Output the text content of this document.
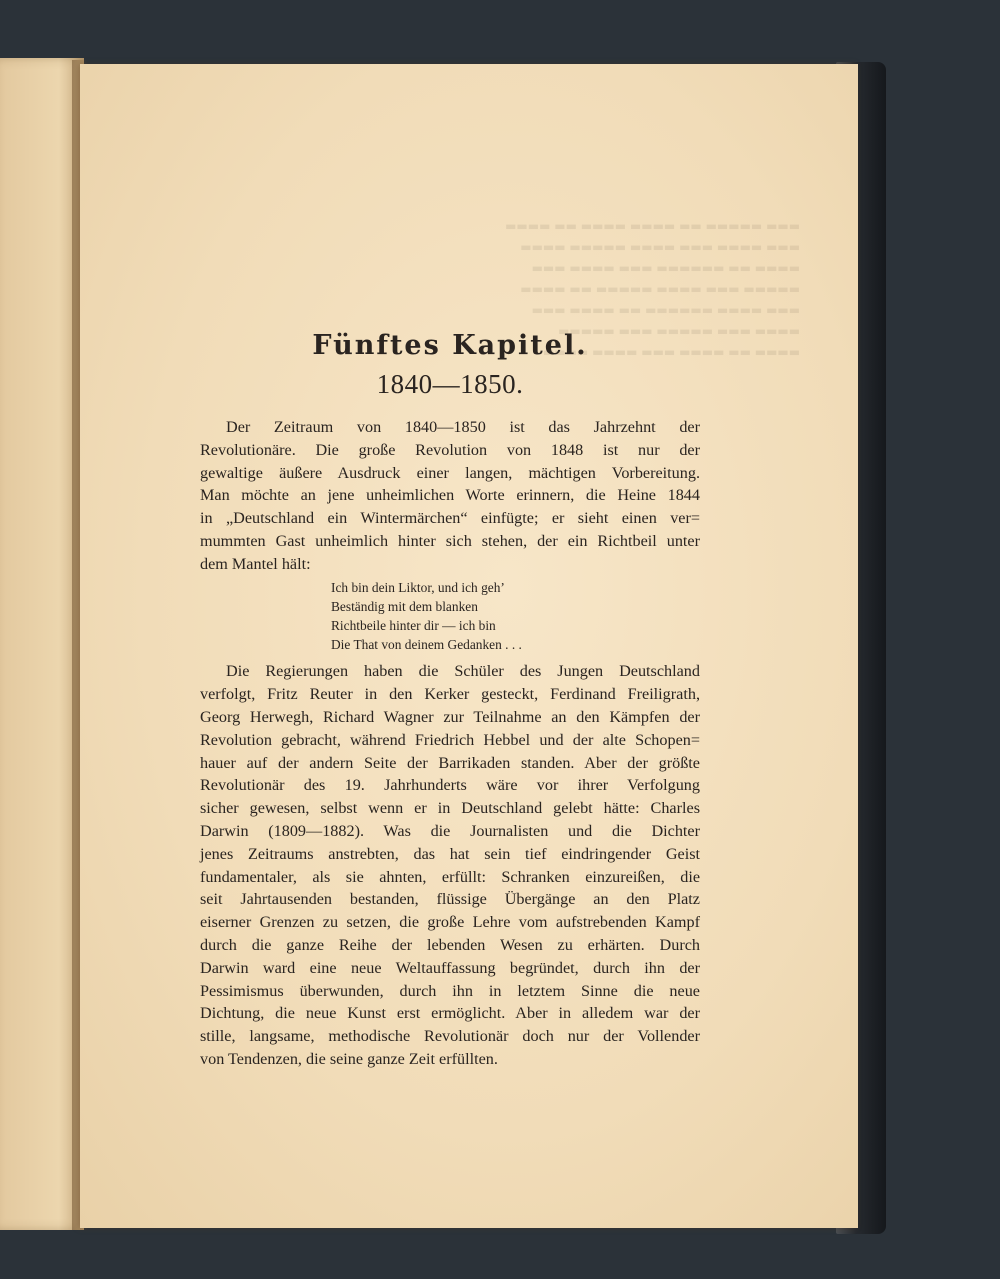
▬▬▬ ▬▬▬▬▬ ▬▬ ▬▬▬▬ ▬▬▬▬ ▬▬ ▬▬▬▬
▬▬▬ ▬▬▬▬ ▬▬▬ ▬▬▬▬ ▬▬▬▬▬ ▬▬▬▬
▬▬▬▬ ▬▬ ▬▬▬▬▬▬ ▬▬▬ ▬▬▬▬ ▬▬▬
▬▬▬▬▬ ▬▬▬ ▬▬▬▬ ▬▬▬▬▬ ▬▬ ▬▬▬▬
▬▬▬ ▬▬▬▬ ▬▬▬▬▬▬ ▬▬ ▬▬▬▬ ▬▬▬
▬▬▬▬ ▬▬▬ ▬▬▬▬▬ ▬▬▬ ▬▬▬▬▬
▬▬▬▬ ▬▬ ▬▬▬▬ ▬▬▬ ▬▬▬▬ ▬▬▬▬
Fünftes Kapitel.
1840—1850.

Der Zeitraum von 1840—1850 ist das Jahrzehnt der

Revolutionäre. Die große Revolution von 1848 ist nur der

gewaltige äußere Ausdruck einer langen, mächtigen Vorbereitung.

Man möchte an jene unheimlichen Worte erinnern, die Heine 1844

in „Deutschland ein Wintermärchen“ einfügte; er sieht einen ver=

mummten Gast unheimlich hinter sich stehen, der ein Richtbeil unter

dem Mantel hält:

Ich bin dein Liktor, und ich geh’
Beständig mit dem blanken
Richtbeile hinter dir — ich bin
Die That von deinem Gedanken . . .

Die Regierungen haben die Schüler des Jungen Deutschland

verfolgt, Fritz Reuter in den Kerker gesteckt, Ferdinand Freiligrath,

Georg Herwegh, Richard Wagner zur Teilnahme an den Kämpfen der

Revolution gebracht, während Friedrich Hebbel und der alte Schopen=

hauer auf der andern Seite der Barrikaden standen. Aber der größte

Revolutionär des 19. Jahrhunderts wäre vor ihrer Verfolgung

sicher gewesen, selbst wenn er in Deutschland gelebt hätte: Charles

Darwin (1809—1882). Was die Journalisten und die Dichter

jenes Zeitraums anstrebten, das hat sein tief eindringender Geist

fundamentaler, als sie ahnten, erfüllt: Schranken einzureißen, die

seit Jahrtausenden bestanden, flüssige Übergänge an den Platz

eiserner Grenzen zu setzen, die große Lehre vom aufstrebenden Kampf

durch die ganze Reihe der lebenden Wesen zu erhärten. Durch

Darwin ward eine neue Weltauffassung begründet, durch ihn der

Pessimismus überwunden, durch ihn in letztem Sinne die neue

Dichtung, die neue Kunst erst ermöglicht. Aber in alledem war der

stille, langsame, methodische Revolutionär doch nur der Vollender

von Tendenzen, die seine ganze Zeit erfüllten.
